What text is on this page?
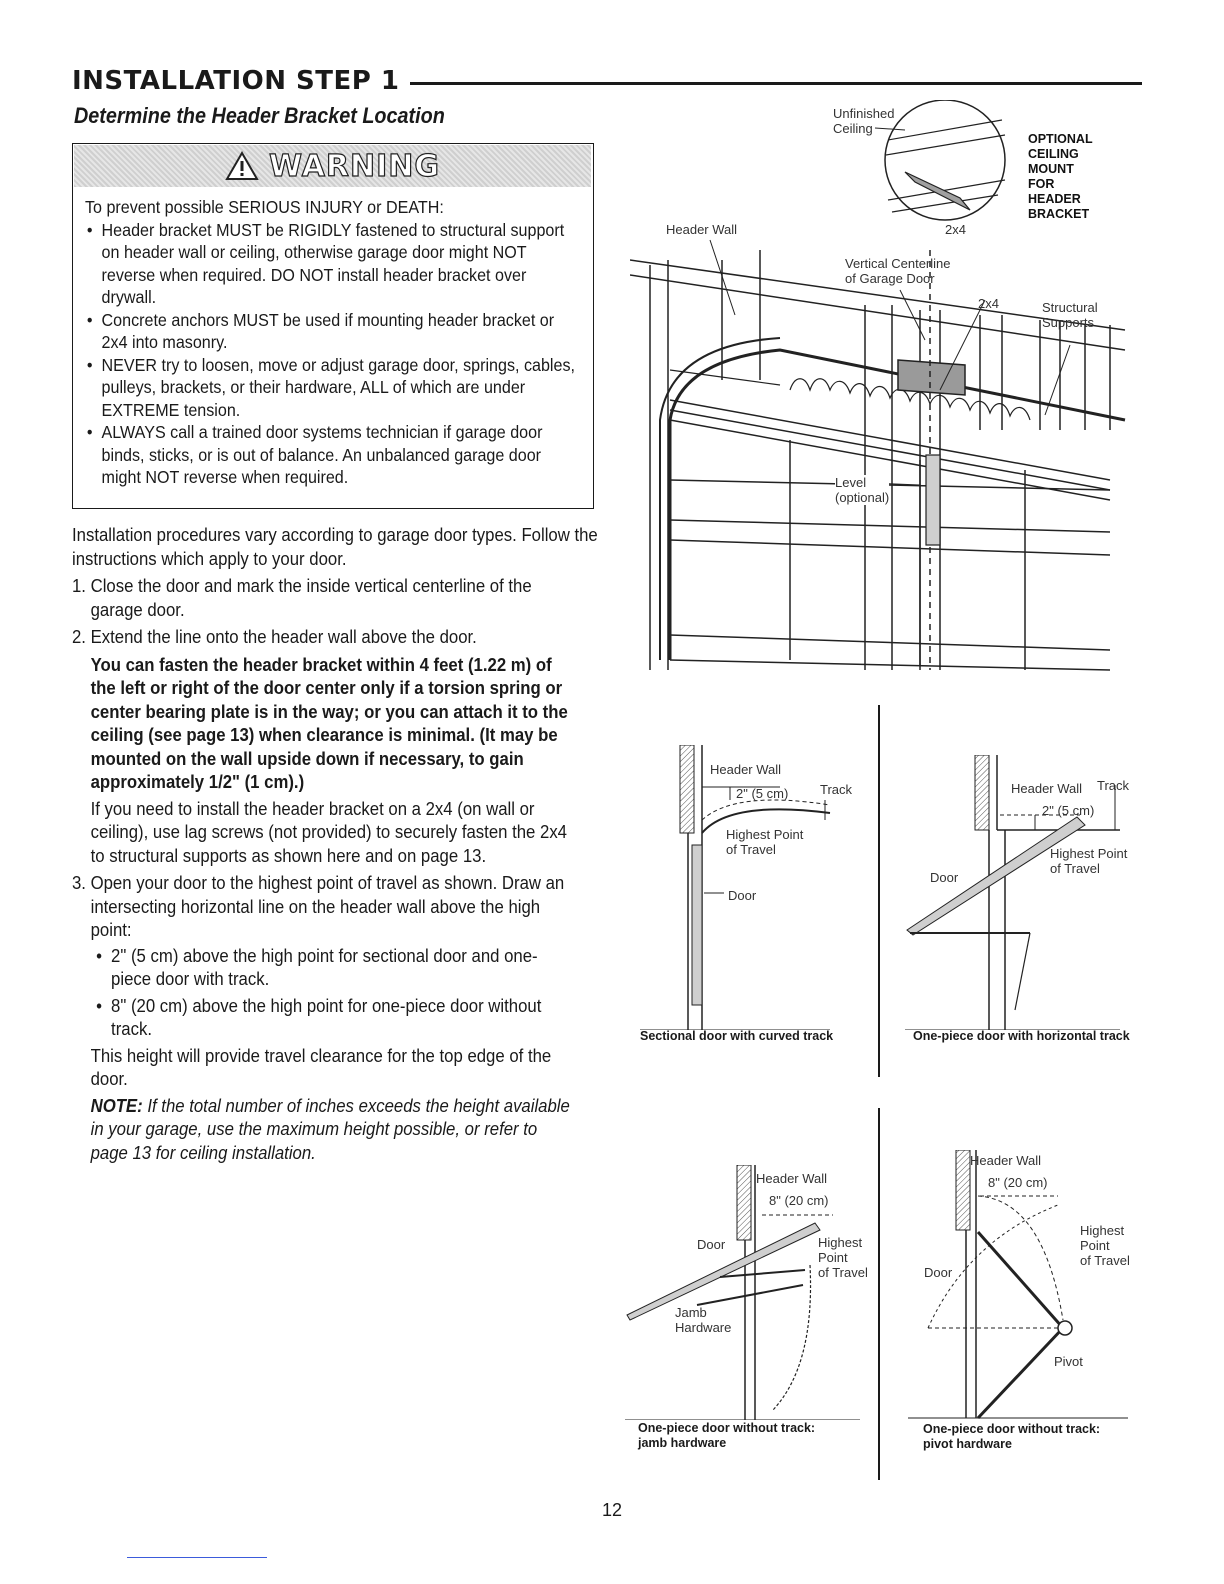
INSTALLATION STEP 1
Determine the Header Bracket Location
WARNING

To prevent possible SERIOUS INJURY or DEATH:

• Header bracket MUST be RIGIDLY fastened to structural support on header wall or ceiling, otherwise garage door might NOT reverse when required. DO NOT install header bracket over drywall.
• Concrete anchors MUST be used if mounting header bracket or 2x4 into masonry.
• NEVER try to loosen, move or adjust garage door, springs, cables, pulleys, brackets, or their hardware, ALL of which are under EXTREME tension.
• ALWAYS call a trained door systems technician if garage door binds, sticks, or is out of balance. An unbalanced garage door might NOT reverse when required.

Installation procedures vary according to garage door types. Follow the instructions which apply to your door.

1. Close the door and mark the inside vertical centerline of the garage door.
2. Extend the line onto the header wall above the door.
You can fasten the header bracket within 4 feet (1.22 m) of the left or right of the door center only if a torsion spring or center bearing plate is in the way; or you can attach it to the ceiling (see page 13) when clearance is minimal. (It may be mounted on the wall upside down if necessary, to gain approximately 1/2" (1 cm).)
If you need to install the header bracket on a 2x4 (on wall or ceiling), use lag screws (not provided) to securely fasten the 2x4 to structural supports as shown here and on page 13.
3. Open your door to the highest point of travel as shown. Draw an intersecting horizontal line on the header wall above the high point:
• 2" (5 cm) above the high point for sectional door and one-piece door with track.
• 8" (20 cm) above the high point for one-piece door without track.
This height will provide travel clearance for the top edge of the door.
NOTE: If the total number of inches exceeds the height available in your garage, use the maximum height possible, or refer to page 13 for ceiling installation.
Unfinished
Ceiling
OPTIONAL
CEILING
MOUNT
FOR
HEADER
BRACKET
2x4
Header Wall
Vertical Centerline
of Garage Door
2x4	Structural
Supports
Level
(optional)
Header Wall
2" (5 cm) Track
Highest Point
of Travel
Door
Sectional door with curved track
Header Wall Track
2" (5 cm)
Highest Point
of Travel
Door
One-piece door with horizontal track
Header Wall
8" (20 cm)
Door	Highest
Point
of Travel
Jamb
Hardware
One-piece door without track:
jamb hardware
Header Wall
8" (20 cm)
Highest
Point
of Travel
Door
Pivot
One-piece door without track:
pivot hardware
12
